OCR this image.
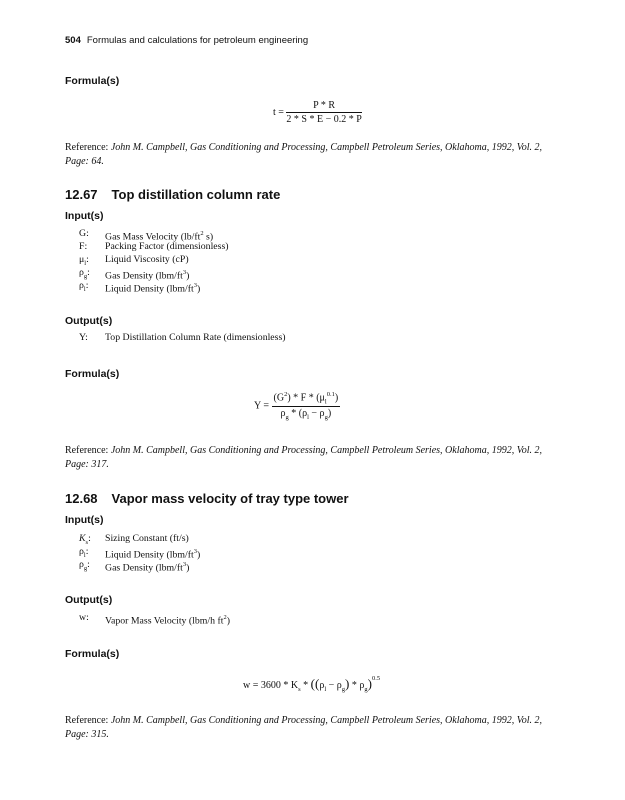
504 Formulas and calculations for petroleum engineering
Formula(s)
$t = \frac{P * R}{2 * S * E - 0.2 * P}$
Reference: John M. Campbell, Gas Conditioning and Processing, Campbell Petroleum Series, Oklahoma, 1992, Vol. 2, Page: 64.
12.67 Top distillation column rate
Input(s)
G:	Gas Mass Velocity ($lb/ft^2$ s)
F:	Packing Factor (dimensionless)
$\mu_l$:	Liquid Viscosity (cP)
$\rho_g$:	Gas Density $(lbm/ft^3)$
$\rho_l$:	Liquid Density $(lbm/ft^3)$
Output(s)
Y:	Top Distillation Column Rate (dimensionless)
Formula(s)
$Y = \frac{(G^2) * F * (\mu_l^{0.1})}{\rho_g * (\rho_l - \rho_g)}$
Reference: John M. Campbell, Gas Conditioning and Processing, Campbell Petroleum Series, Oklahoma, 1992, Vol. 2, Page: 317.
12.68 Vapor mass velocity of tray type tower
Input(s)
$K_s$:	Sizing Constant (ft/s)
$\rho_l$:	Liquid Density $(lbm/ft^3)$
$\rho_g$:	Gas Density $(lbm/ft^3)$
Output(s)
w:	Vapor Mass Velocity (lbm/h $ft^2$)
Formula(s)
$w = 3600 * K_s * ((\rho_l - \rho_g) * \rho_g)^{0.5}$
Reference: John M. Campbell, Gas Conditioning and Processing, Campbell Petroleum Series, Oklahoma, 1992, Vol. 2, Page: 315.
